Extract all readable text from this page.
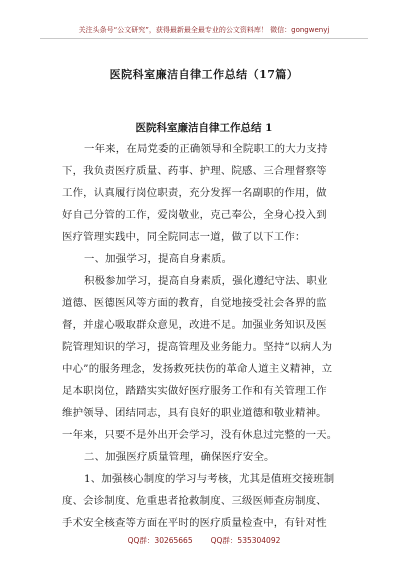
关注头条号“公文研究”，获得最新最全最专业的公文资料库！ 微信：gongwenyj
医院科室廉洁自律工作总结（17篇）
医院科室廉洁自律工作总结 1
一年来，在局党委的正确领导和全院职工的大力支持
下，我负责医疗质量、药事、护理、院感、三合理督察等
工作，认真履行岗位职责，充分发挥一名副职的作用，做
好自己分管的工作，爱岗敬业，克己奉公，全身心投入到
医疗管理实践中，同全院同志一道，做了以下工作：
一、加强学习，提高自身素质。
积极参加学习，提高自身素质，强化遵纪守法、职业
道德、医德医风等方面的教育，自觉地接受社会各界的监
督，并虚心吸取群众意见，改进不足。加强业务知识及医
院管理知识的学习，提高管理及业务能力。坚持“以病人为
中心”的服务理念，发扬救死扶伤的革命人道主义精神，立
足本职岗位，踏踏实实做好医疗服务工作和有关管理工作
维护领导、团结同志，具有良好的职业道德和敬业精神。
一年来，只要不是外出开会学习，没有休息过完整的一天。
二、加强医疗质量管理，确保医疗安全。
1、加强核心制度的学习与考核，尤其是值班交接班制
度、会诊制度、危重患者抢救制度、三级医师查房制度、
手术安全核查等方面在平时的医疗质量检查中，有针对性
QQ群：30265665 QQ群：535304092
